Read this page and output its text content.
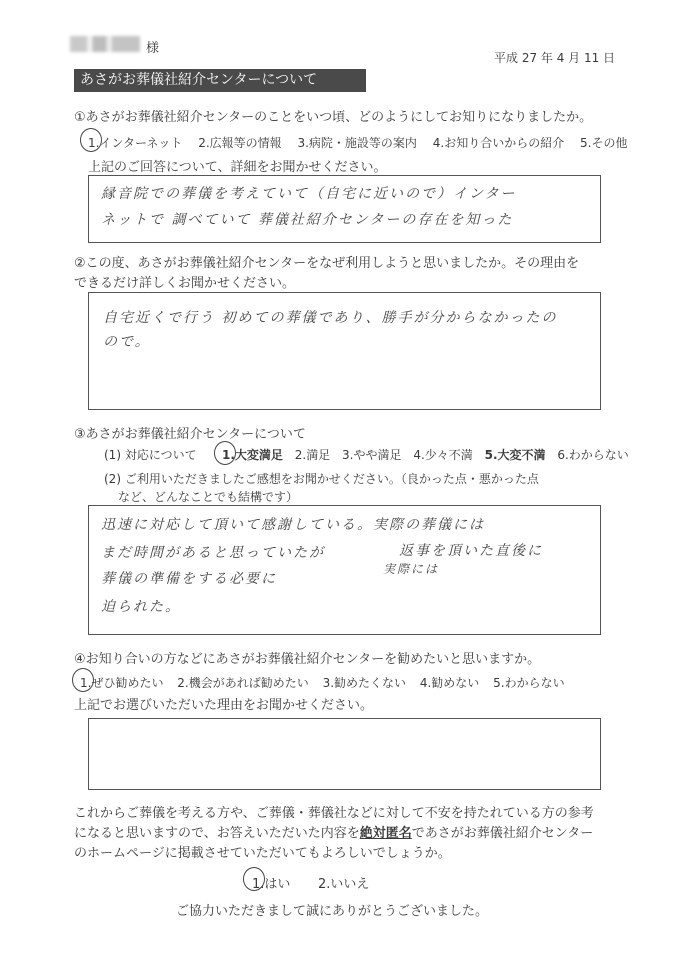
様
平成 27 年 4 月 11 日
あさがお葬儀社紹介センターについて
①あさがお葬儀社紹介センターのことをいつ頃、どのようにしてお知りになりましたか。
1.インターネット 2.広報等の情報 3.病院・施設等の案内 4.お知り合いからの紹介 5.その他
上記のご回答について、詳細をお聞かせください。
縁音院での葬儀を考えていて（自宅に近いので）インター
ネットで 調べていて 葬儀社紹介センターの存在を知った
②この度、あさがお葬儀社紹介センターをなぜ利用しようと思いましたか。その理由を
できるだけ詳しくお聞かせください。
自宅近くで行う 初めての葬儀であり、勝手が分からなかったの
ので。
③あさがお葬儀社紹介センターについて
(1) 対応について 1.大変満足 2.満足 3.やや満足 4.少々不満 5.大変不満 6.わからない
(2) ご利用いただきましたご感想をお聞かせください。（良かった点・悪かった点
など、どんなことでも結構です）
迅速に対応して頂いて感謝している。実際の葬儀には
まだ時間があると思っていたが	返事を頂いた直後に
実際には
葬儀の準備をする必要に
迫られた。
④お知り合いの方などにあさがお葬儀社紹介センターを勧めたいと思いますか。
1.ぜひ勧めたい 2.機会があれば勧めたい 3.勧めたくない 4.勧めない 5.わからない
上記でお選びいただいた理由をお聞かせください。
これからご葬儀を考える方や、ご葬儀・葬儀社などに対して不安を持たれている方の参考
になると思いますので、お答えいただいた内容を絶対匿名であさがお葬儀社紹介センター
のホームページに掲載させていただいてもよろしいでしょうか。
1.はい 2.いいえ
ご協力いただきまして誠にありがとうございました。
